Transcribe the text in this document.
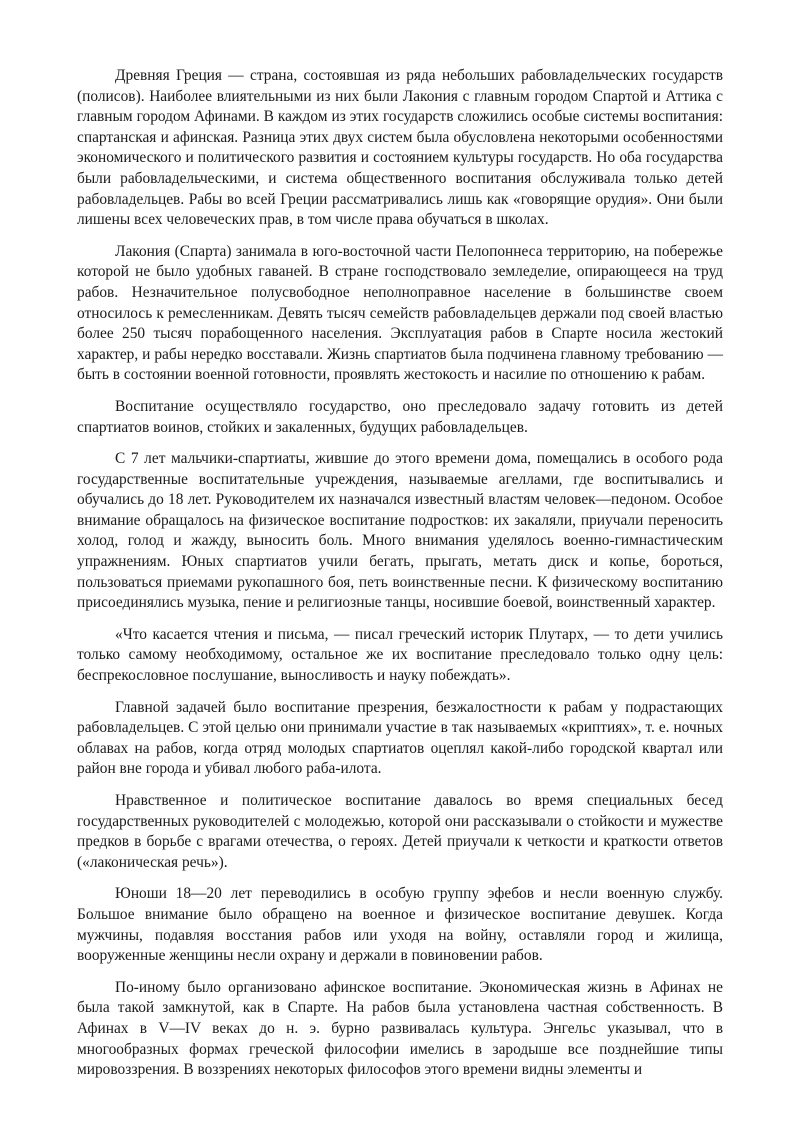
Древняя Греция — страна, состоявшая из ряда небольших рабовладельческих государств (полисов). Наиболее влиятельными из них были Лакония с главным городом Спартой и Аттика с главным городом Афинами. В каждом из этих государств сложились особые системы воспитания: спартанская и афинская. Разница этих двух систем была обусловлена некоторыми особенностями экономического и политического развития и состоянием культуры государств. Но оба государства были рабовладельческими, и система общественного воспитания обслуживала только детей рабовладельцев. Рабы во всей Греции рассматривались лишь как «говорящие орудия». Они были лишены всех человеческих прав, в том числе права обучаться в школах.

Лакония (Спарта) занимала в юго-восточной части Пелопоннеса территорию, на побережье которой не было удобных гаваней. В стране господствовало земледелие, опирающееся на труд рабов. Незначительное полусвободное неполноправное население в большинстве своем относилось к ремесленникам. Девять тысяч семейств рабовладельцев держали под своей властью более 250 тысяч порабощенного населения. Эксплуатация рабов в Спарте носила жестокий характер, и рабы нередко восставали. Жизнь спартиатов была подчинена главному требованию — быть в состоянии военной готовности, проявлять жестокость и насилие по отношению к рабам.

Воспитание осуществляло государство, оно преследовало задачу готовить из детей спартиатов воинов, стойких и закаленных, будущих рабовладельцев.

С 7 лет мальчики-спартиаты, жившие до этого времени дома, помещались в особого рода государственные воспитательные учреждения, называемые агеллами, где воспитывались и обучались до 18 лет. Руководителем их назначался известный властям человек—педоном. Особое внимание обращалось на физическое воспитание подростков: их закаляли, приучали переносить холод, голод и жажду, выносить боль. Много внимания уделялось военно-гимнастическим упражнениям. Юных спартиатов учили бегать, прыгать, метать диск и копье, бороться, пользоваться приемами рукопашного боя, петь воинственные песни. К физическому воспитанию присоединялись музыка, пение и религиозные танцы, носившие боевой, воинственный характер.

«Что касается чтения и письма, — писал греческий историк Плутарх, — то дети учились только самому необходимому, остальное же их воспитание преследовало только одну цель: беспрекословное послушание, выносливость и науку побеждать».

Главной задачей было воспитание презрения, безжалостности к рабам у подрастающих рабовладельцев. С этой целью они принимали участие в так называемых «криптиях», т. е. ночных облавах на рабов, когда отряд молодых спартиатов оцеплял какой-либо городской квартал или район вне города и убивал любого раба-илота.

Нравственное и политическое воспитание давалось во время специальных бесед государственных руководителей с молодежью, которой они рассказывали о стойкости и мужестве предков в борьбе с врагами отечества, о героях. Детей приучали к четкости и краткости ответов («лаконическая речь»).

Юноши 18—20 лет переводились в особую группу эфебов и несли военную службу. Большое внимание было обращено на военное и физическое воспитание девушек. Когда мужчины, подавляя восстания рабов или уходя на войну, оставляли город и жилища, вооруженные женщины несли охрану и держали в повиновении рабов.

По-иному было организовано афинское воспитание. Экономическая жизнь в Афинах не была такой замкнутой, как в Спарте. На рабов была установлена частная собственность. В Афинах в V—IV веках до н. э. бурно развивалась культура. Энгельс указывал, что в многообразных формах греческой философии имелись в зародыше все позднейшие типы мировоззрения. В воззрениях некоторых философов этого времени видны элементы и
